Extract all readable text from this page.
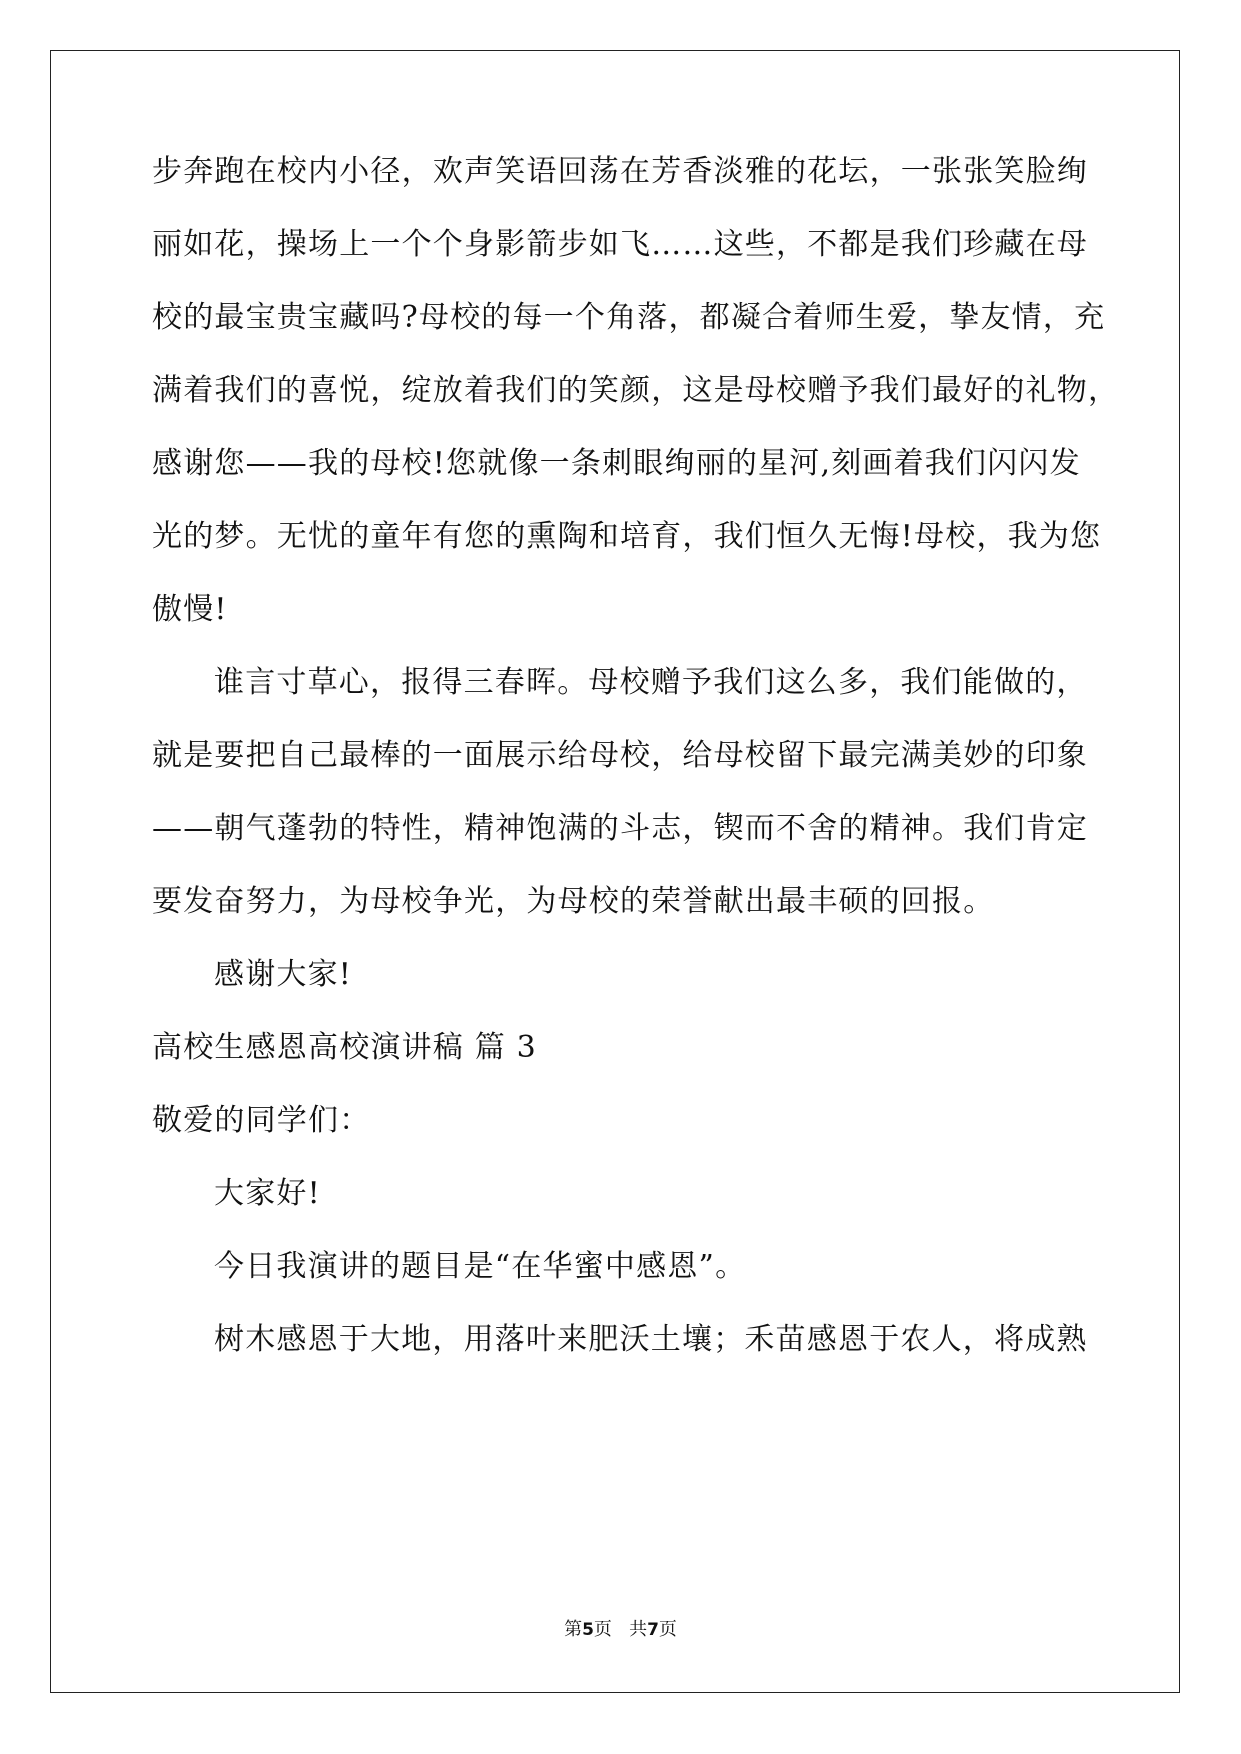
步奔跑在校内小径，欢声笑语回荡在芳香淡雅的花坛，一张张笑脸绚
丽如花，操场上一个个身影箭步如飞……这些，不都是我们珍藏在母
校的最宝贵宝藏吗?母校的每一个角落，都凝合着师生爱，挚友情，充
满着我们的喜悦，绽放着我们的笑颜，这是母校赠予我们最好的礼物，
感谢您——我的母校!您就像一条刺眼绚丽的星河,刻画着我们闪闪发
光的梦。无忧的童年有您的熏陶和培育，我们恒久无悔!母校，我为您
傲慢!
谁言寸草心，报得三春晖。母校赠予我们这么多，我们能做的，
就是要把自己最棒的一面展示给母校，给母校留下最完满美妙的印象
——朝气蓬勃的特性，精神饱满的斗志，锲而不舍的精神。我们肯定
要发奋努力，为母校争光，为母校的荣誉献出最丰硕的回报。
感谢大家!
高校生感恩高校演讲稿 篇 3
敬爱的同学们：
大家好!
今日我演讲的题目是“在华蜜中感恩”。
树木感恩于大地，用落叶来肥沃土壤；禾苗感恩于农人，将成熟
第5页   共7页
